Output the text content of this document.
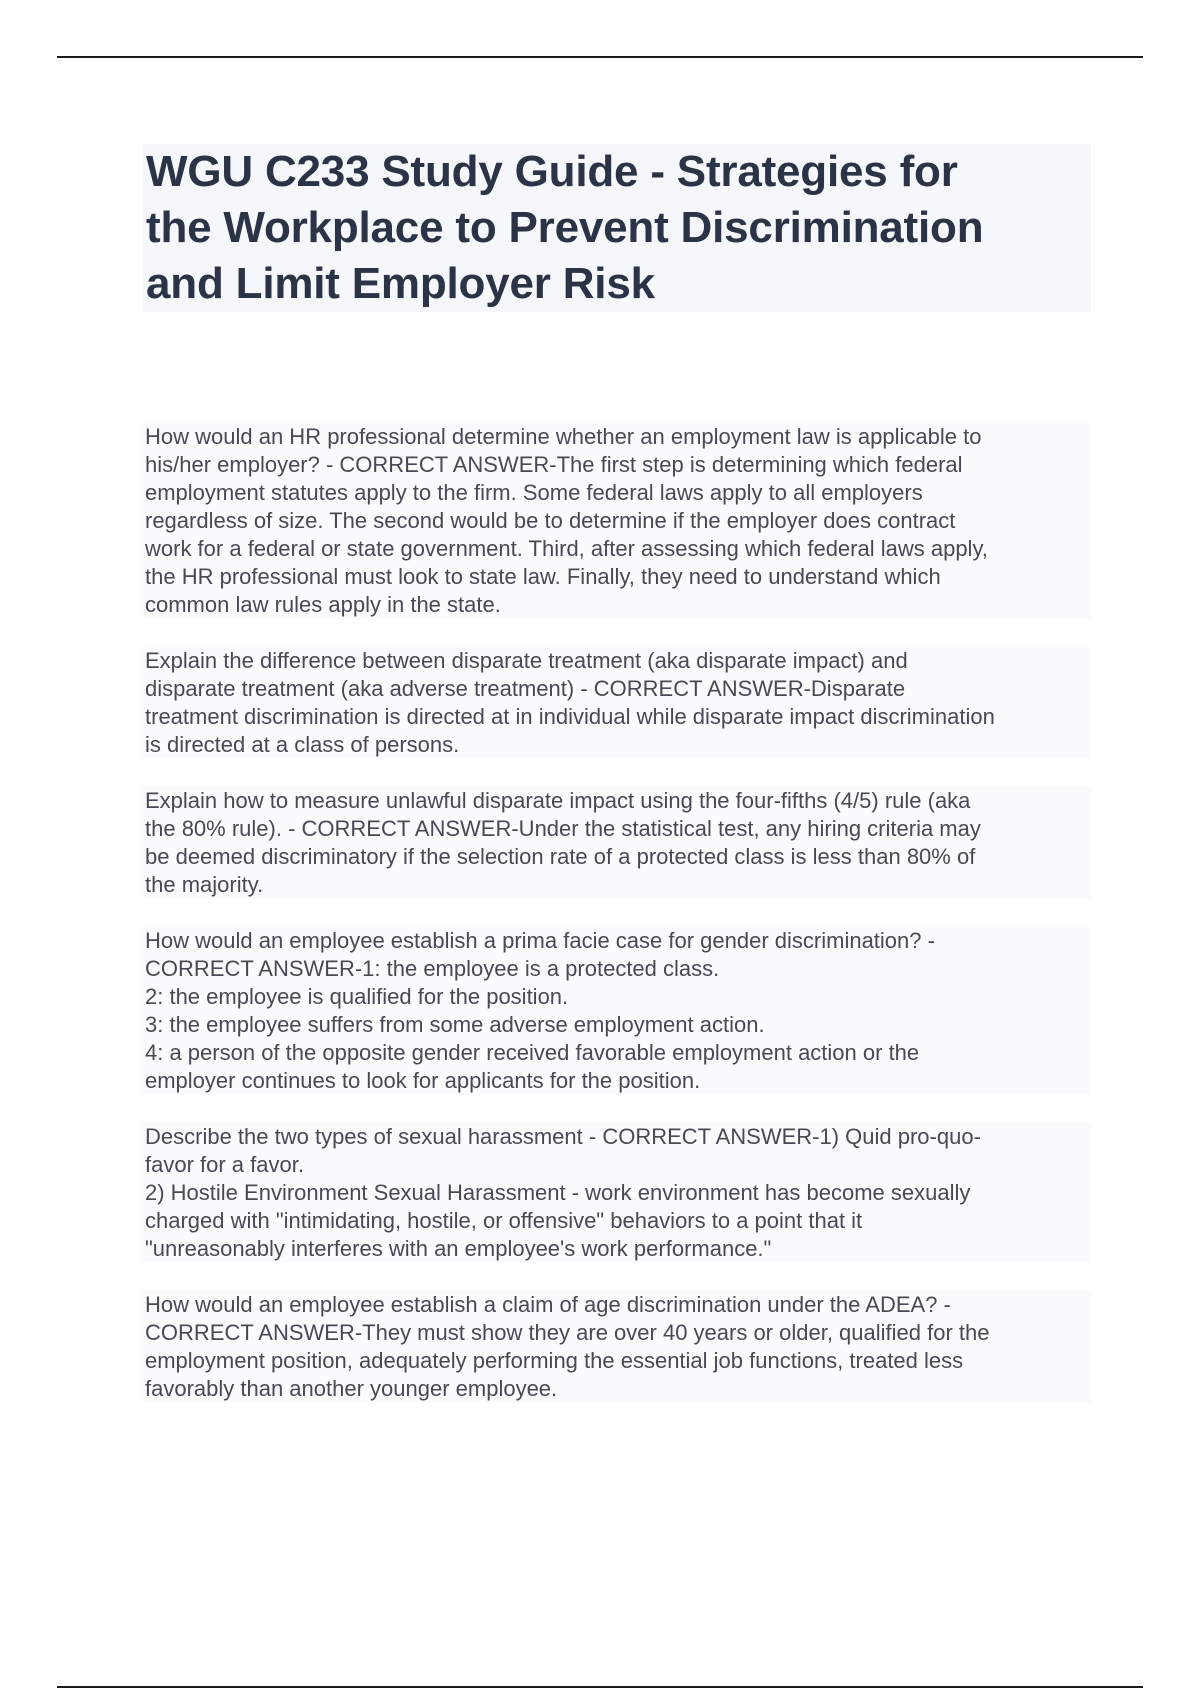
WGU C233 Study Guide - Strategies for
the Workplace to Prevent Discrimination
and Limit Employer Risk

How would an HR professional determine whether an employment law is applicable to
his/her employer? - CORRECT ANSWER-The first step is determining which federal
employment statutes apply to the firm. Some federal laws apply to all employers
regardless of size. The second would be to determine if the employer does contract
work for a federal or state government. Third, after assessing which federal laws apply,
the HR professional must look to state law. Finally, they need to understand which
common law rules apply in the state.

Explain the difference between disparate treatment (aka disparate impact) and
disparate treatment (aka adverse treatment) - CORRECT ANSWER-Disparate
treatment discrimination is directed at in individual while disparate impact discrimination
is directed at a class of persons.

Explain how to measure unlawful disparate impact using the four-fifths (4/5) rule (aka
the 80% rule). - CORRECT ANSWER-Under the statistical test, any hiring criteria may
be deemed discriminatory if the selection rate of a protected class is less than 80% of
the majority.

How would an employee establish a prima facie case for gender discrimination? -
CORRECT ANSWER-1: the employee is a protected class.
2: the employee is qualified for the position.
3: the employee suffers from some adverse employment action.
4: a person of the opposite gender received favorable employment action or the
employer continues to look for applicants for the position.

Describe the two types of sexual harassment - CORRECT ANSWER-1) Quid pro-quo-
favor for a favor.
2) Hostile Environment Sexual Harassment - work environment has become sexually
charged with "intimidating, hostile, or offensive" behaviors to a point that it
"unreasonably interferes with an employee's work performance."

How would an employee establish a claim of age discrimination under the ADEA? -
CORRECT ANSWER-They must show they are over 40 years or older, qualified for the
employment position, adequately performing the essential job functions, treated less
favorably than another younger employee.
